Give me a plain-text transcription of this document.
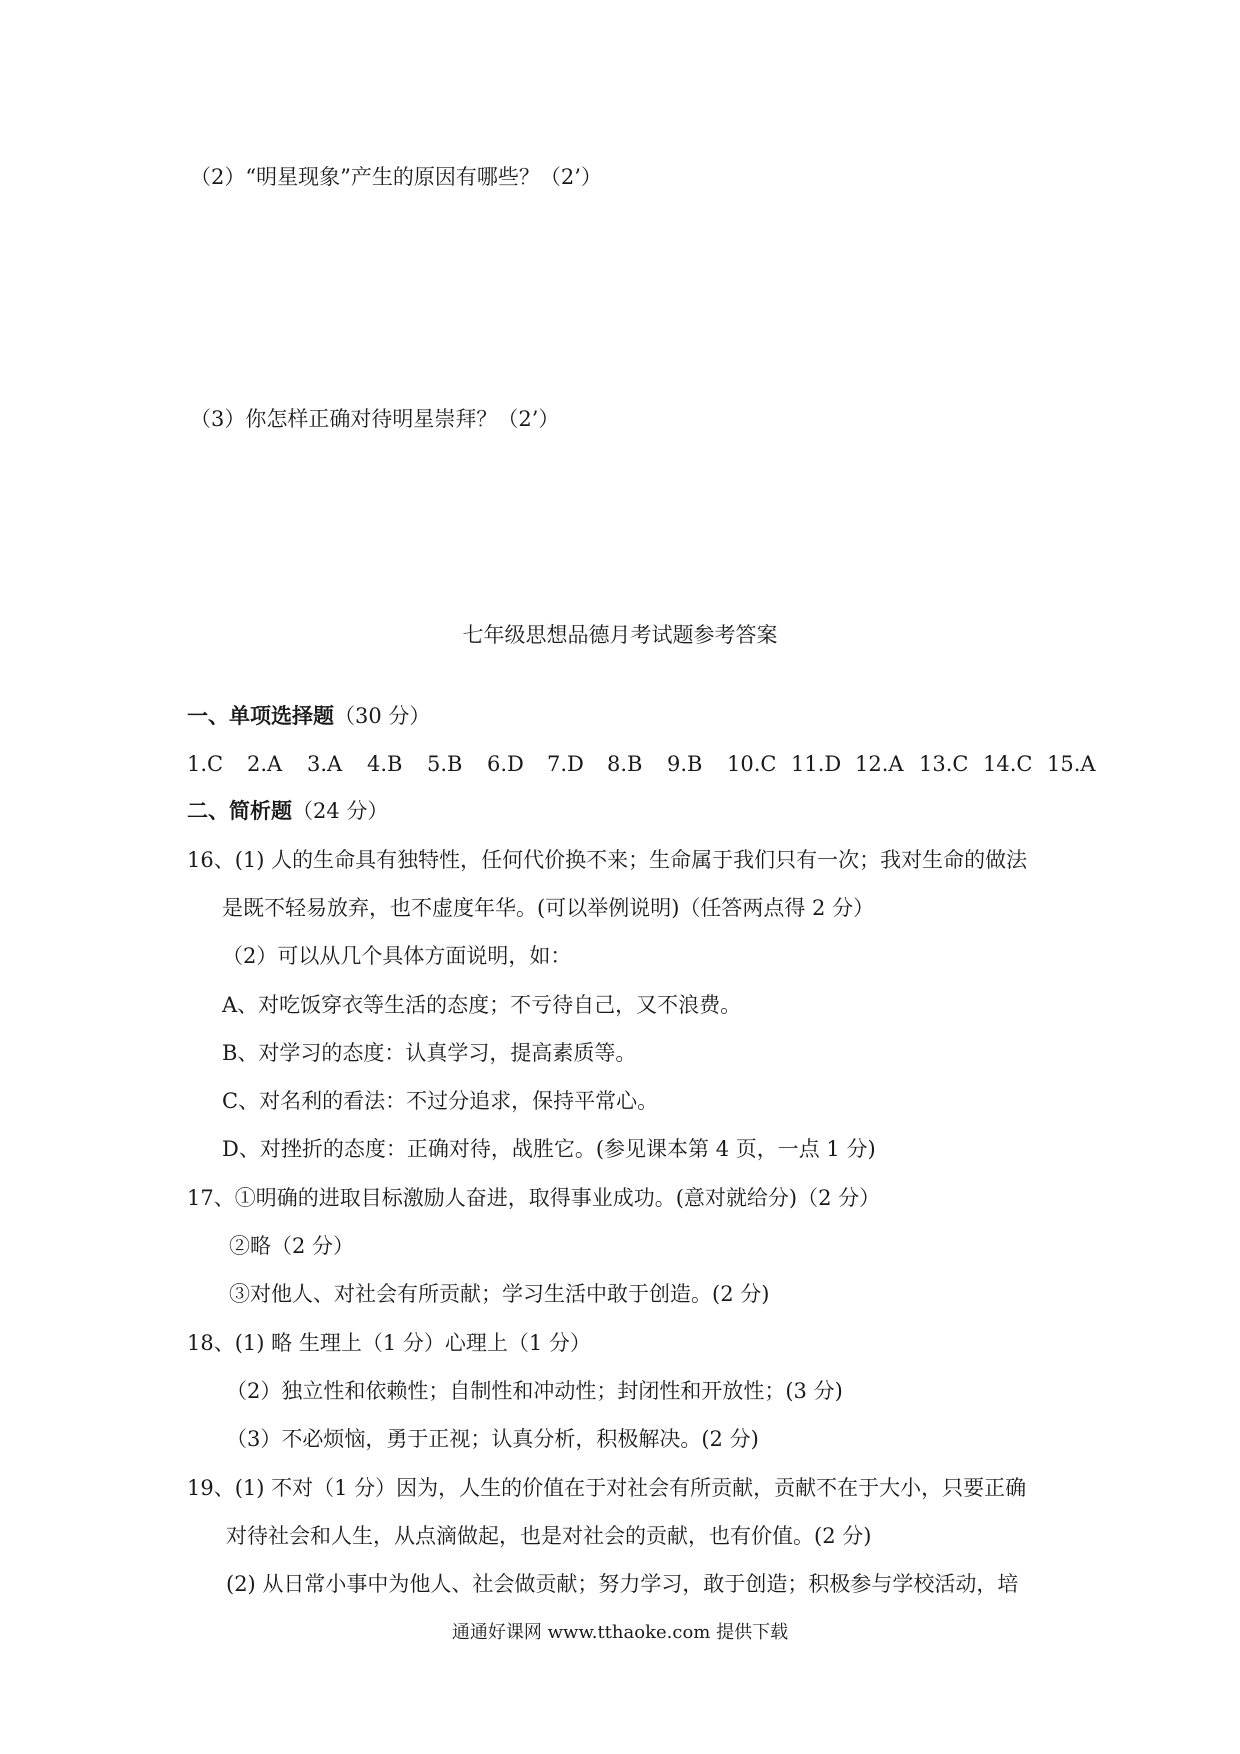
（2）“明星现象”产生的原因有哪些？（2’）
（3）你怎样正确对待明星崇拜？（2’）
七年级思想品德月考试题参考答案
一、单项选择题（30 分）
1.C 2.A 3.A 4.B 5.B 6.D 7.D 8.B 9.B 10.C 11.D 12.A 13.C 14.C 15.A
二、简析题（24 分）
16、(1) 人的生命具有独特性，任何代价换不来；生命属于我们只有一次；我对生命的做法
是既不轻易放弃，也不虚度年华。(可以举例说明)（任答两点得 2 分）
（2）可以从几个具体方面说明，如：
A、对吃饭穿衣等生活的态度；不亏待自己，又不浪费。
B、对学习的态度：认真学习，提高素质等。
C、对名利的看法：不过分追求，保持平常心。
D、对挫折的态度：正确对待，战胜它。(参见课本第 4 页，一点 1 分)
17、①明确的进取目标激励人奋进，取得事业成功。(意对就给分)（2 分）
②略（2 分）
③对他人、对社会有所贡献；学习生活中敢于创造。(2 分)
18、(1) 略 生理上（1 分）心理上（1 分）
（2）独立性和依赖性；自制性和冲动性；封闭性和开放性；(3 分)
（3）不必烦恼，勇于正视；认真分析，积极解决。(2 分)
19、(1) 不对（1 分）因为，人生的价值在于对社会有所贡献，贡献不在于大小，只要正确
对待社会和人生，从点滴做起，也是对社会的贡献，也有价值。(2 分)
(2) 从日常小事中为他人、社会做贡献；努力学习，敢于创造；积极参与学校活动，培
通通好课网 www.tthaoke.com 提供下载
